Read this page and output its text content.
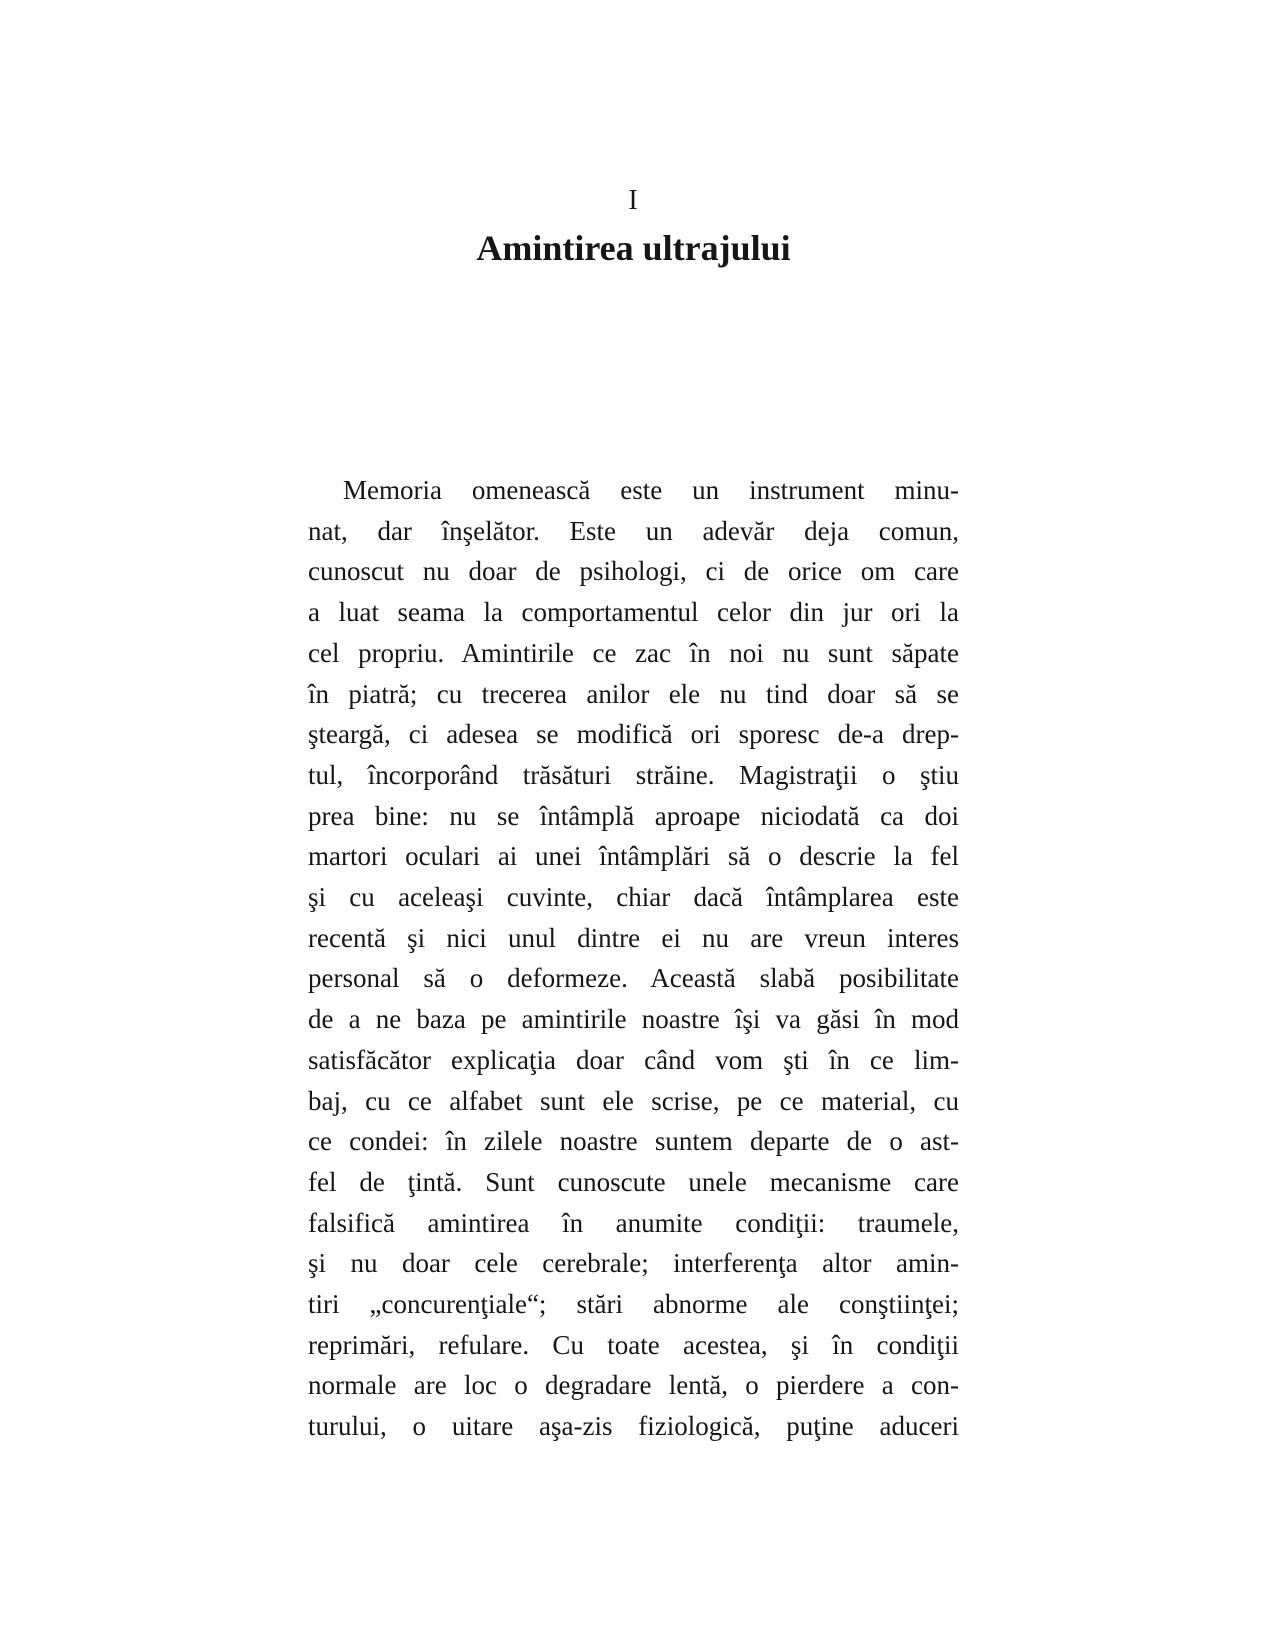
I
Amintirea ultrajului
Memoria omenească este un instrument minu-
nat, dar înşelător. Este un adevăr deja comun,
cunoscut nu doar de psihologi, ci de orice om care
a luat seama la comportamentul celor din jur ori la
cel propriu. Amintirile ce zac în noi nu sunt săpate
în piatră; cu trecerea anilor ele nu tind doar să se
şteargă, ci adesea se modifică ori sporesc de-a drep-
tul, încorporând trăsături străine. Magistraţii o ştiu
prea bine: nu se întâmplă aproape niciodată ca doi
martori oculari ai unei întâmplări să o descrie la fel
şi cu aceleaşi cuvinte, chiar dacă întâmplarea este
recentă şi nici unul dintre ei nu are vreun interes
personal să o deformeze. Această slabă posibilitate
de a ne baza pe amintirile noastre îşi va găsi în mod
satisfăcător explicaţia doar când vom şti în ce lim-
baj, cu ce alfabet sunt ele scrise, pe ce material, cu
ce condei: în zilele noastre suntem departe de o ast-
fel de ţintă. Sunt cunoscute unele mecanisme care
falsifică amintirea în anumite condiţii: traumele,
şi nu doar cele cerebrale; interferenţa altor amin-
tiri „concurenţiale“; stări abnorme ale conştiinţei;
reprimări, refulare. Cu toate acestea, şi în condiţii
normale are loc o degradare lentă, o pierdere a con-
turului, o uitare aşa-zis fiziologică, puţine aduceri
